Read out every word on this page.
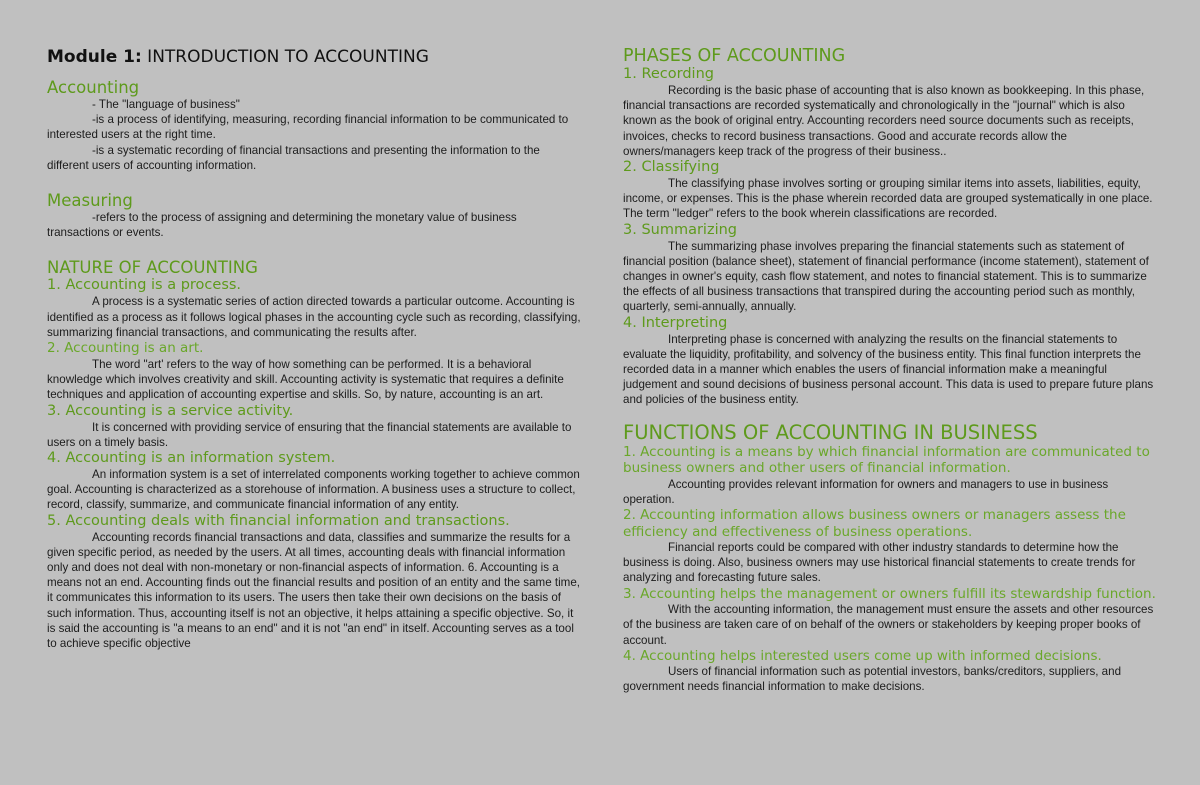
Module 1: INTRODUCTION TO ACCOUNTING
Accounting

- The "language of business"

-is a process of identifying, measuring, recording financial information to be communicated to interested users at the right time.

-is a systematic recording of financial transactions and presenting the information to the different users of accounting information.

Measuring

-refers to the process of assigning and determining the monetary value of business transactions or events.

NATURE OF ACCOUNTING
1. Accounting is a process.

A process is a systematic series of action directed towards a particular outcome. Accounting is identified as a process as it follows logical phases in the accounting cycle such as recording, classifying, summarizing financial transactions, and communicating the results after.

2. Accounting is an art.

The word "art' refers to the way of how something can be performed. It is a behavioral knowledge which involves creativity and skill. Accounting activity is systematic that requires a definite techniques and application of accounting expertise and skills. So, by nature, accounting is an art.

3. Accounting is a service activity.

It is concerned with providing service of ensuring that the financial statements are available to users on a timely basis.

4. Accounting is an information system.

An information system is a set of interrelated components working together to achieve common goal. Accounting is characterized as a storehouse of information. A business uses a structure to collect, record, classify, summarize, and communicate financial information of any entity.

5. Accounting deals with financial information and transactions.

Accounting records financial transactions and data, classifies and summarize the results for a given specific period, as needed by the users. At all times, accounting deals with financial information only and does not deal with non-monetary or non-financial aspects of information. 6. Accounting is a means not an end. Accounting finds out the financial results and position of an entity and the same time, it communicates this information to its users. The users then take their own decisions on the basis of such information. Thus, accounting itself is not an objective, it helps attaining a specific objective. So, it is said the accounting is "a means to an end" and it is not "an end" in itself. Accounting serves as a tool to achieve specific objective

PHASES OF ACCOUNTING
1. Recording

Recording is the basic phase of accounting that is also known as bookkeeping. In this phase, financial transactions are recorded systematically and chronologically in the "journal" which is also known as the book of original entry. Accounting recorders need source documents such as receipts, invoices, checks to record business transactions. Good and accurate records allow the owners/managers keep track of the progress of their business..

2. Classifying

The classifying phase involves sorting or grouping similar items into assets, liabilities, equity, income, or expenses. This is the phase wherein recorded data are grouped systematically in one place. The term "ledger" refers to the book wherein classifications are recorded.

3. Summarizing

The summarizing phase involves preparing the financial statements such as statement of financial position (balance sheet), statement of financial performance (income statement), statement of changes in owner's equity, cash flow statement, and notes to financial statement. This is to summarize the effects of all business transactions that transpired during the accounting period such as monthly, quarterly, semi-annually, annually.

4. Interpreting

Interpreting phase is concerned with analyzing the results on the financial statements to evaluate the liquidity, profitability, and solvency of the business entity. This final function interprets the recorded data in a manner which enables the users of financial information make a meaningful judgement and sound decisions of business personal account. This data is used to prepare future plans and policies of the business entity.

FUNCTIONS OF ACCOUNTING IN BUSINESS
1. Accounting is a means by which financial information are communicated to business owners and other users of financial information.

Accounting provides relevant information for owners and managers to use in business operation.

2. Accounting information allows business owners or managers assess the efficiency and effectiveness of business operations.

Financial reports could be compared with other industry standards to determine how the business is doing. Also, business owners may use historical financial statements to create trends for analyzing and forecasting future sales.

3. Accounting helps the management or owners fulfill its stewardship function.

With the accounting information, the management must ensure the assets and other resources of the business are taken care of on behalf of the owners or stakeholders by keeping proper books of account.

4. Accounting helps interested users come up with informed decisions.

Users of financial information such as potential investors, banks/creditors, suppliers, and government needs financial information to make decisions.
